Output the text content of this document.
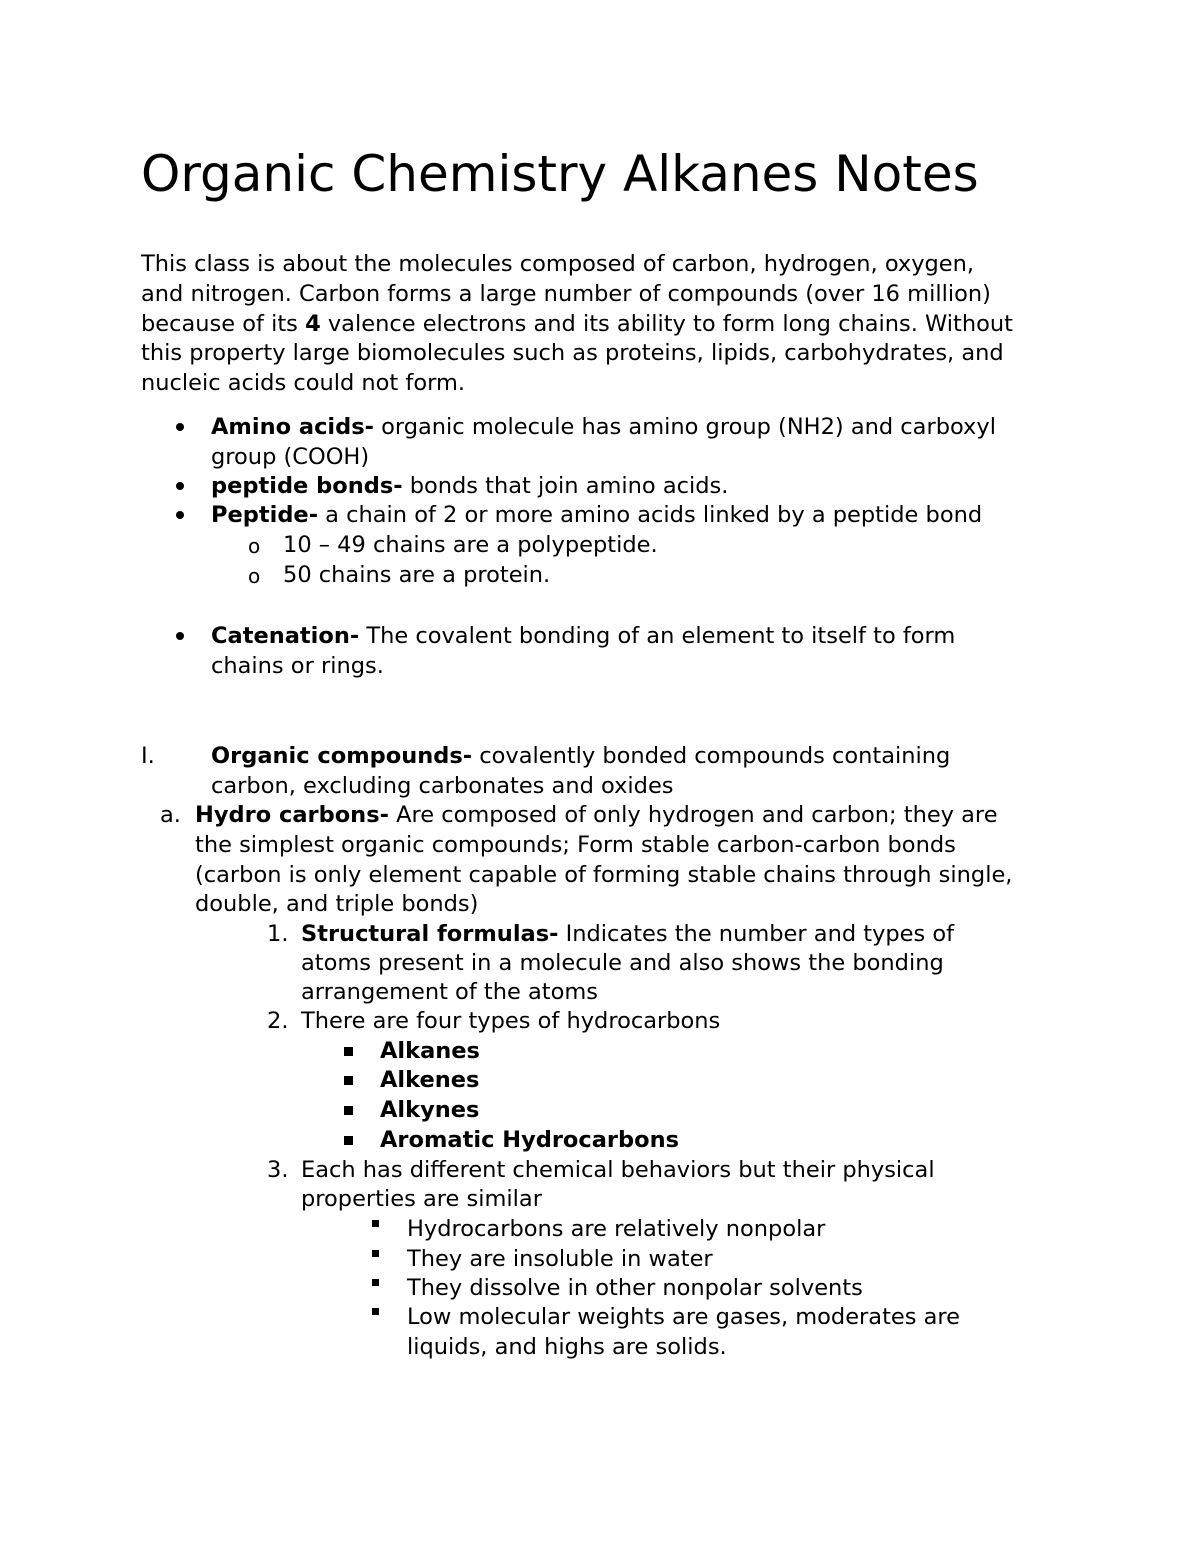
Organic Chemistry Alkanes Notes
This class is about the molecules composed of carbon, hydrogen, oxygen,
and nitrogen. Carbon forms a large number of compounds (over 16 million)
because of its 4 valence electrons and its ability to form long chains. Without
this property large biomolecules such as proteins, lipids, carbohydrates, and
nucleic acids could not form.
Amino acids- organic molecule has amino group (NH2) and carboxyl
group (COOH)
peptide bonds- bonds that join amino acids.
Peptide- a chain of 2 or more amino acids linked by a peptide bond
o 10 – 49 chains are a polypeptide.
o 50 chains are a protein.
Catenation- The covalent bonding of an element to itself to form
chains or rings.
I. Organic compounds- covalently bonded compounds containing
carbon, excluding carbonates and oxides
a. Hydro carbons- Are composed of only hydrogen and carbon; they are
the simplest organic compounds; Form stable carbon-carbon bonds
(carbon is only element capable of forming stable chains through single,
double, and triple bonds)
1. Structural formulas- Indicates the number and types of
atoms present in a molecule and also shows the bonding
arrangement of the atoms
2. There are four types of hydrocarbons
Alkanes
Alkenes
Alkynes
Aromatic Hydrocarbons
3. Each has different chemical behaviors but their physical
properties are similar
Hydrocarbons are relatively nonpolar
They are insoluble in water
They dissolve in other nonpolar solvents
Low molecular weights are gases, moderates are
liquids, and highs are solids.
